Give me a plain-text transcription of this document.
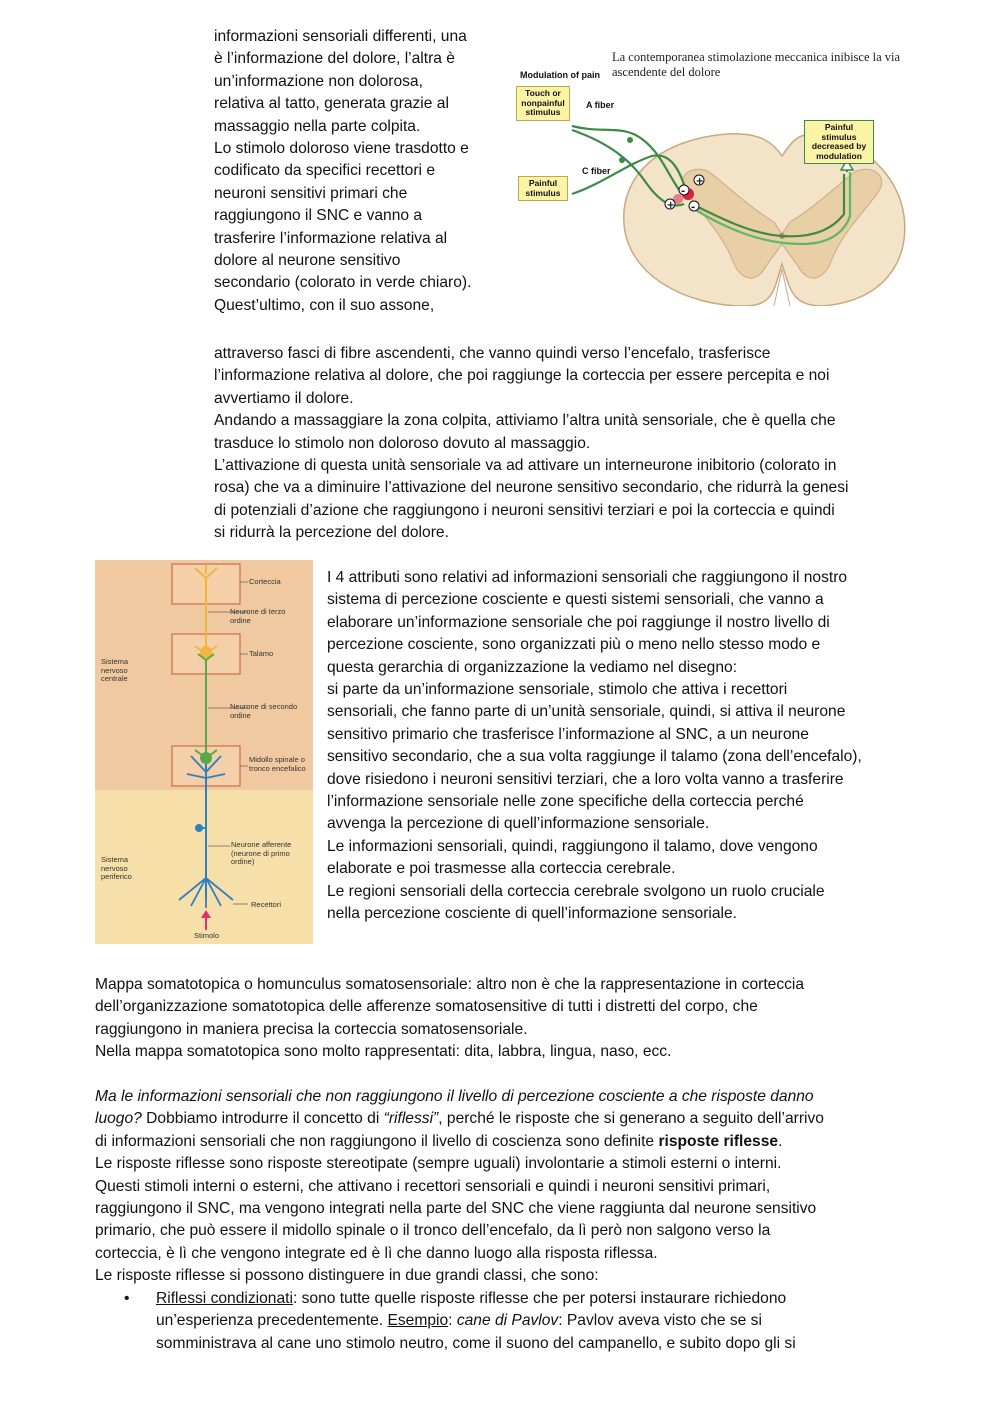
informazioni sensoriali differenti, una
è l’informazione del dolore, l’altra è
un’informazione non dolorosa,
relativa al tatto, generata grazie al
massaggio nella parte colpita.
Lo stimolo doloroso viene trasdotto e
codificato da specifici recettori e
neuroni sensitivi primari che
raggiungono il SNC e vanno a
trasferire l’informazione relativa al
dolore al neurone sensitivo
secondario (colorato in verde chiaro).
Quest’ultimo, con il suo assone,
La contemporanea stimolazione meccanica inibisce la via ascendente del dolore
+
-
+ -
Modulation of pain
Touch or nonpainful stimulus
A fiber
C fiber
Painful stimulus
Painful stimulus decreased by modulation
attraverso fasci di fibre ascendenti, che vanno quindi verso l’encefalo, trasferisce
l’informazione relativa al dolore, che poi raggiunge la corteccia per essere percepita e noi
avvertiamo il dolore.
Andando a massaggiare la zona colpita, attiviamo l’altra unità sensoriale, che è quella che
trasduce lo stimolo non doloroso dovuto al massaggio.
L’attivazione di questa unità sensoriale va ad attivare un interneurone inibitorio (colorato in
rosa) che va a diminuire l’attivazione del neurone sensitivo secondario, che ridurrà la genesi
di potenziali d’azione che raggiungono i neuroni sensitivi terziari e poi la corteccia e quindi
si ridurrà la percezione del dolore.
Corteccia
Neurone di terzo ordine
Talamo
Neurone di secondo ordine
Midollo spinale o tronco encefalico
Neurone afferente (neurone di primo ordine)
Recettori
Stimolo
Sistema nervoso centrale
Sistema nervoso periferico
I 4 attributi sono relativi ad informazioni sensoriali che raggiungono il nostro
sistema di percezione cosciente e questi sistemi sensoriali, che vanno a
elaborare un’informazione sensoriale che poi raggiunge il nostro livello di
percezione cosciente, sono organizzati più o meno nello stesso modo e
questa gerarchia di organizzazione la vediamo nel disegno:
si parte da un’informazione sensoriale, stimolo che attiva i recettori
sensoriali, che fanno parte di un’unità sensoriale, quindi, si attiva il neurone
sensitivo primario che trasferisce l’informazione al SNC, a un neurone
sensitivo secondario, che a sua volta raggiunge il talamo (zona dell’encefalo),
dove risiedono i neuroni sensitivi terziari, che a loro volta vanno a trasferire
l’informazione sensoriale nelle zone specifiche della corteccia perché
avvenga la percezione di quell’informazione sensoriale.
Le informazioni sensoriali, quindi, raggiungono il talamo, dove vengono
elaborate e poi trasmesse alla corteccia cerebrale.
Le regioni sensoriali della corteccia cerebrale svolgono un ruolo cruciale
nella percezione cosciente di quell’informazione sensoriale.
Mappa somatotopica o homunculus somatosensoriale: altro non è che la rappresentazione in corteccia
dell’organizzazione somatotopica delle afferenze somatosensitive di tutti i distretti del corpo, che
raggiungono in maniera precisa la corteccia somatosensoriale.
Nella mappa somatotopica sono molto rappresentati: dita, labbra, lingua, naso, ecc.
Ma le informazioni sensoriali che non raggiungono il livello di percezione cosciente a che risposte danno
luogo? Dobbiamo introdurre il concetto di “riflessi”, perché le risposte che si generano a seguito dell’arrivo
di informazioni sensoriali che non raggiungono il livello di coscienza sono definite risposte riflesse.
Le risposte riflesse sono risposte stereotipate (sempre uguali) involontarie a stimoli esterni o interni.
Questi stimoli interni o esterni, che attivano i recettori sensoriali e quindi i neuroni sensitivi primari,
raggiungono il SNC, ma vengono integrati nella parte del SNC che viene raggiunta dal neurone sensitivo
primario, che può essere il midollo spinale o il tronco dell’encefalo, da lì però non salgono verso la
corteccia, è lì che vengono integrate ed è lì che danno luogo alla risposta riflessa.
Le risposte riflesse si possono distinguere in due grandi classi, che sono:
• Riflessi condizionati: sono tutte quelle risposte riflesse che per potersi instaurare richiedono
un’esperienza precedentemente. Esempio: cane di Pavlov: Pavlov aveva visto che se si
somministrava al cane uno stimolo neutro, come il suono del campanello, e subito dopo gli si
